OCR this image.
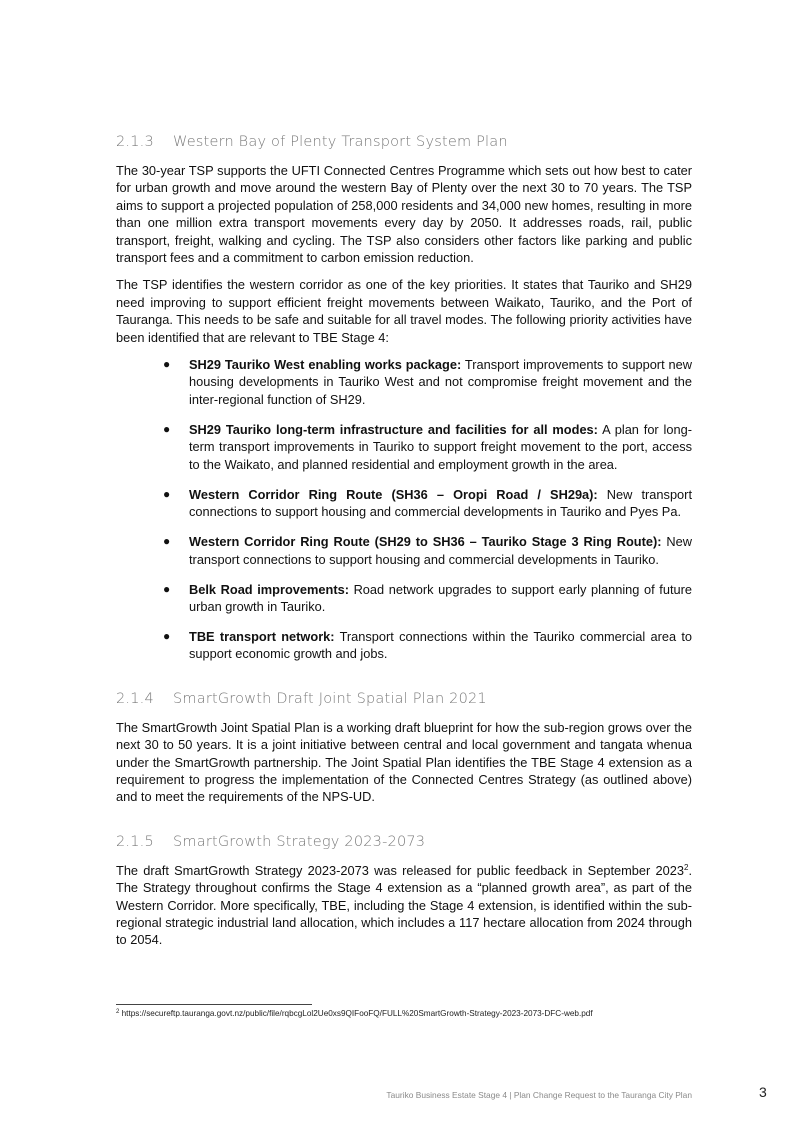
2.1.3	Western Bay of Plenty Transport System Plan

The 30-year TSP supports the UFTI Connected Centres Programme which sets out how best to cater for urban growth and move around the western Bay of Plenty over the next 30 to 70 years. The TSP aims to support a projected population of 258,000 residents and 34,000 new homes, resulting in more than one million extra transport movements every day by 2050. It addresses roads, rail, public transport, freight, walking and cycling. The TSP also considers other factors like parking and public transport fees and a commitment to carbon emission reduction.

The TSP identifies the western corridor as one of the key priorities. It states that Tauriko and SH29 need improving to support efficient freight movements between Waikato, Tauriko, and the Port of Tauranga. This needs to be safe and suitable for all travel modes. The following priority activities have been identified that are relevant to TBE Stage 4:

● SH29 Tauriko West enabling works package: Transport improvements to support new housing developments in Tauriko West and not compromise freight movement and the inter-regional function of SH29.
● SH29 Tauriko long-term infrastructure and facilities for all modes: A plan for long-term transport improvements in Tauriko to support freight movement to the port, access to the Waikato, and planned residential and employment growth in the area.
● Western Corridor Ring Route (SH36 – Oropi Road / SH29a): New transport connections to support housing and commercial developments in Tauriko and Pyes Pa.
● Western Corridor Ring Route (SH29 to SH36 – Tauriko Stage 3 Ring Route): New transport connections to support housing and commercial developments in Tauriko.
● Belk Road improvements: Road network upgrades to support early planning of future urban growth in Tauriko.
● TBE transport network: Transport connections within the Tauriko commercial area to support economic growth and jobs.
2.1.4	SmartGrowth Draft Joint Spatial Plan 2021

The SmartGrowth Joint Spatial Plan is a working draft blueprint for how the sub-region grows over the next 30 to 50 years. It is a joint initiative between central and local government and tangata whenua under the SmartGrowth partnership. The Joint Spatial Plan identifies the TBE Stage 4 extension as a requirement to progress the implementation of the Connected Centres Strategy (as outlined above) and to meet the requirements of the NPS-UD.

2.1.5	SmartGrowth Strategy 2023-2073

The draft SmartGrowth Strategy 2023-2073 was released for public feedback in September 2023$^2$. The Strategy throughout confirms the Stage 4 extension as a “planned growth area”, as part of the Western Corridor. More specifically, TBE, including the Stage 4 extension, is identified within the sub-regional strategic industrial land allocation, which includes a 117 hectare allocation from 2024 through to 2054.

$^2$ https://secureftp.tauranga.govt.nz/public/file/rqbcgLol2Ue0xs9QIFooFQ/FULL%20SmartGrowth-Strategy-2023-2073-DFC-web.pdf
Tauriko Business Estate Stage 4 | Plan Change Request to the Tauranga City Plan	3
